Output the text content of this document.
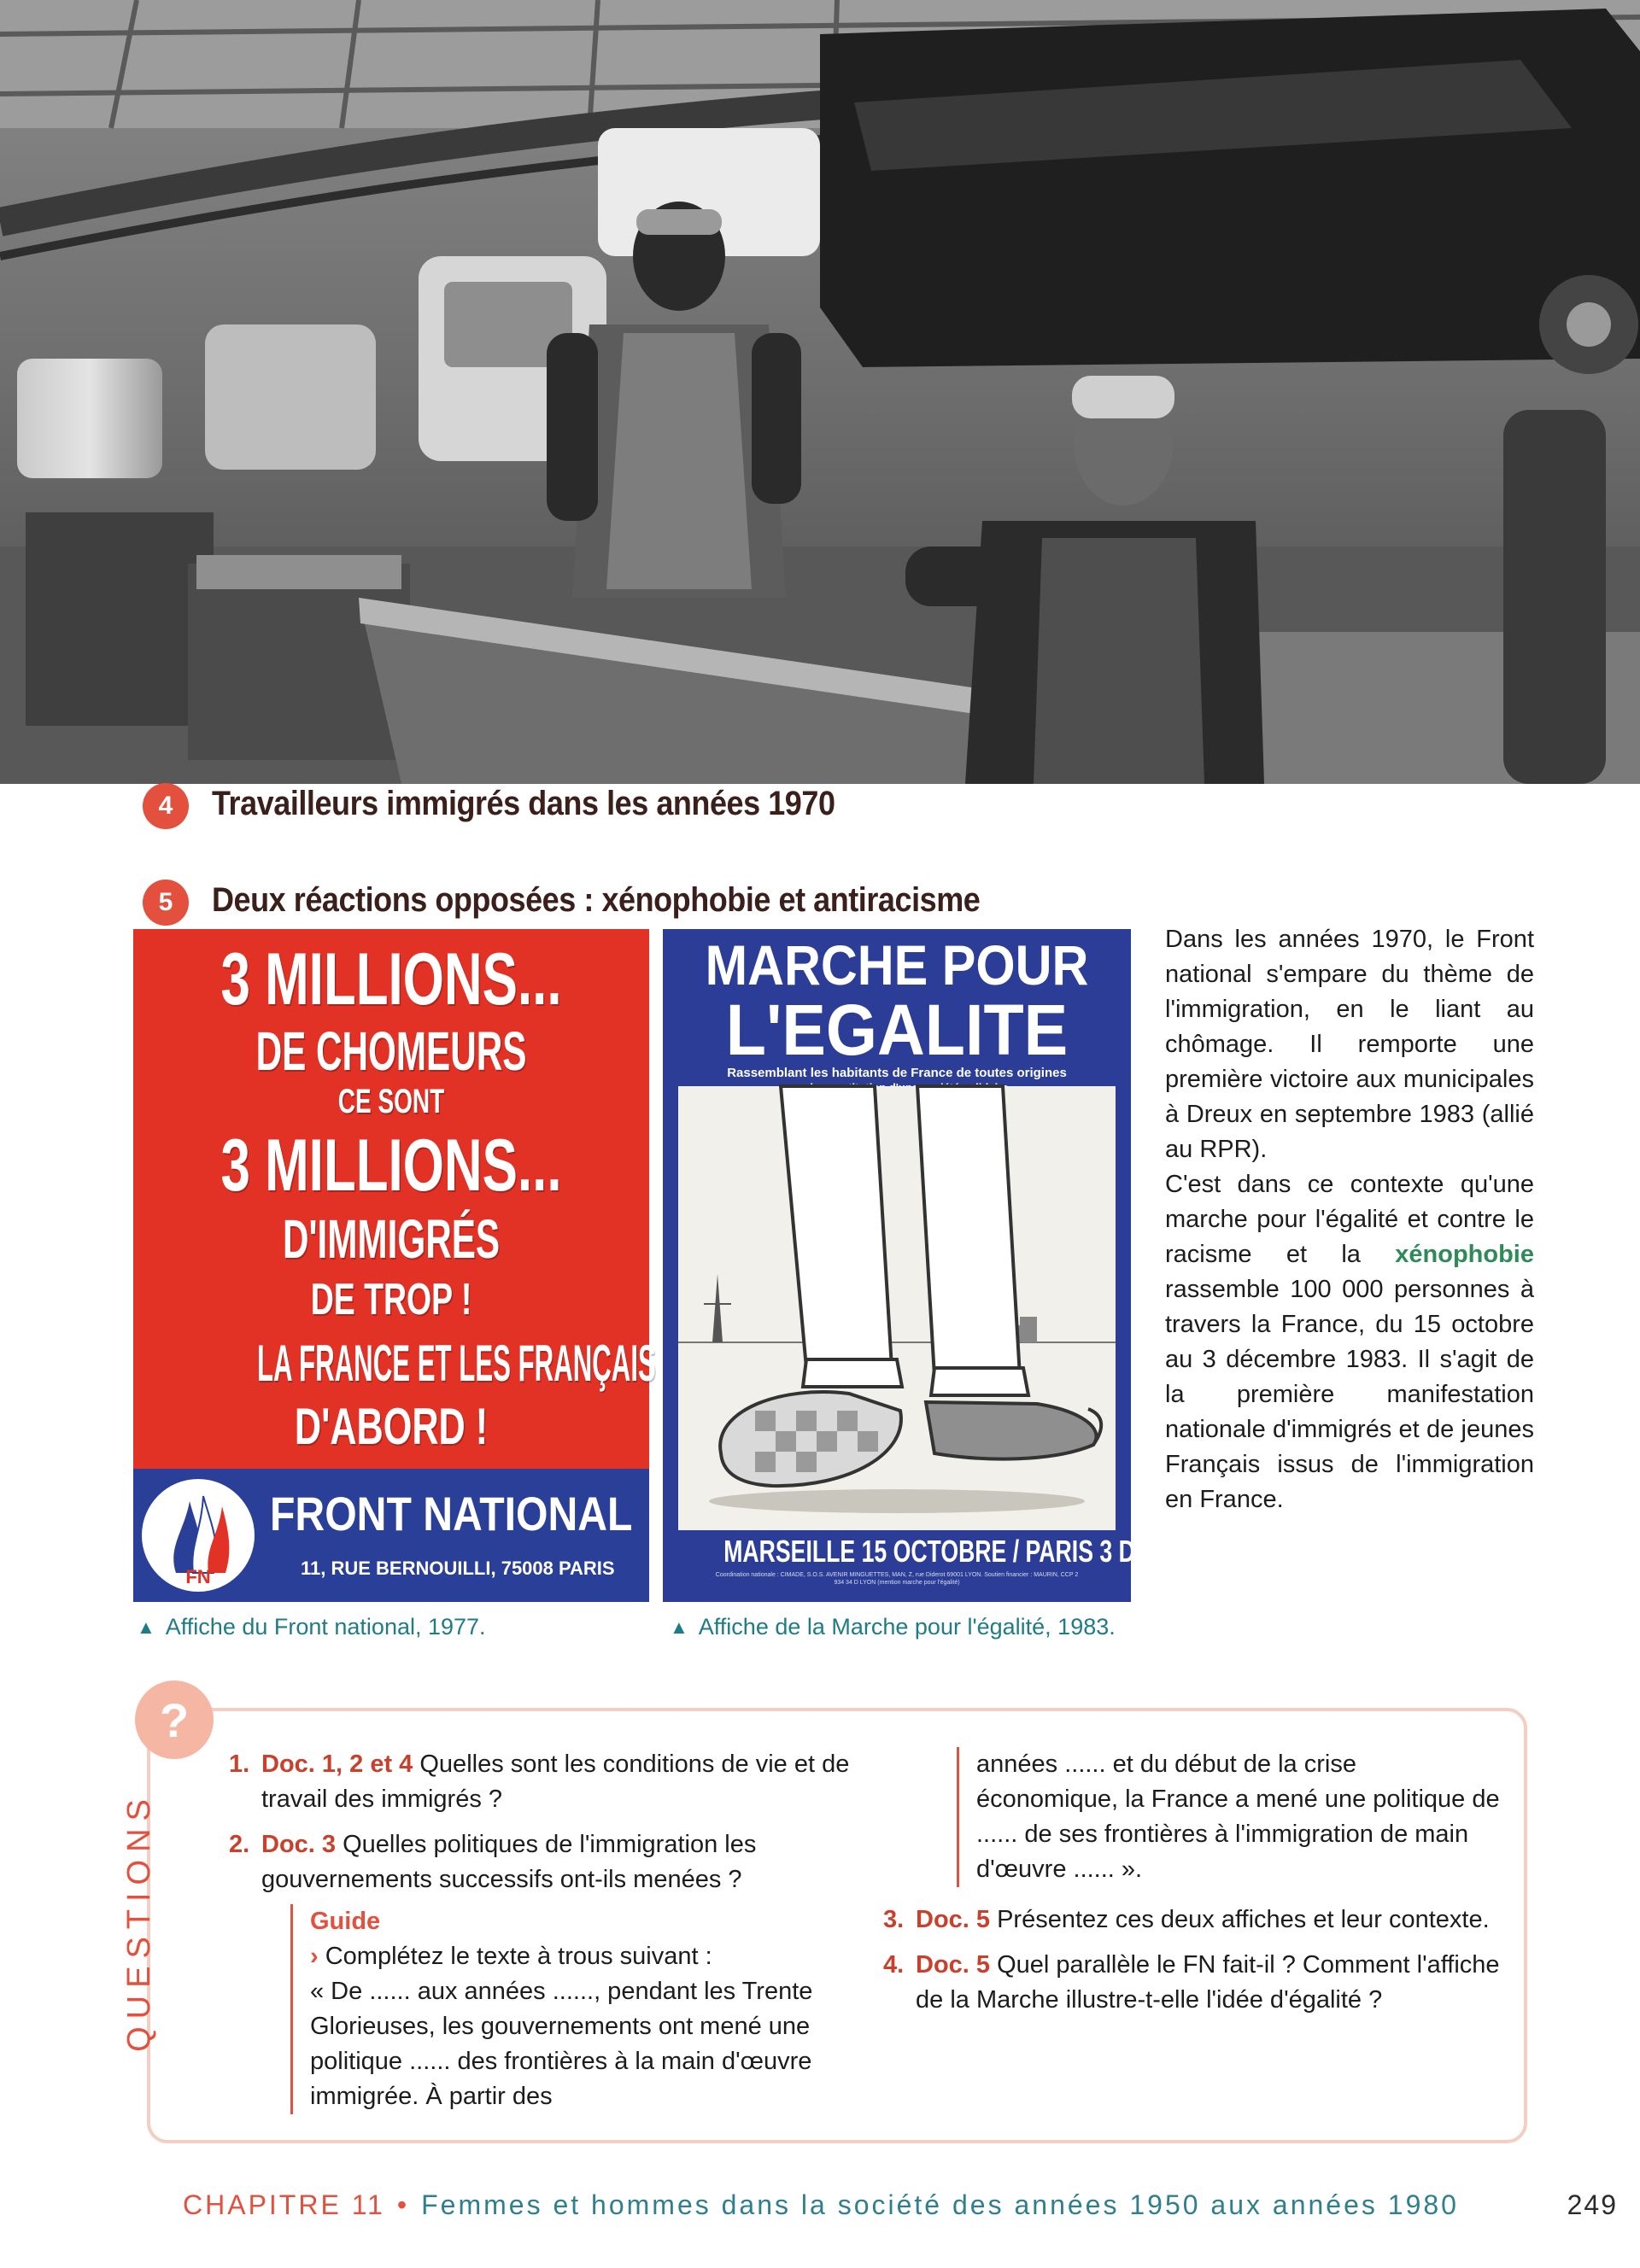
4	Travailleurs immigrés dans les années 1970
5	Deux réactions opposées : xénophobie et antiracisme
3 MILLIONS...
DE CHOMEURS
CE SONT
3 MILLIONS...
D'IMMIGRÉS
DE TROP !
LA FRANCE ET LES FRANÇAIS
D'ABORD !
FN
FRONT NATIONAL
11, RUE BERNOUILLI, 75008 PARIS
MARCHE POUR
L'EGALITE
Rassemblant les habitants de France de toutes origines
MARSEILLE 15 OCTOBRE / PARIS 3 DECEMBRE
Coordination nationale : CIMADE, S.O.S. AVENIR MINGUETTES, MAN, Z, rue Diderot 69001 LYON. Soutien financier : MAURIN, CCP 2 934 34 D LYON (mention marche pour l'égalité)
▲ Affiche du Front national, 1977.	▲ Affiche de la Marche pour l'égalité, 1983.

Dans les années 1970, le Front national s'empare du thème de l'immigration, en le liant au chômage. Il remporte une première victoire aux municipales à Dreux en septembre 1983 (allié au RPR).

C'est dans ce contexte qu'une marche pour l'égalité et contre le racisme et la xénophobie rassemble 100 000 personnes à travers la France, du 15 octobre au 3 décembre 1983. Il s'agit de la première manifestation nationale d'immigrés et de jeunes Français issus de l'immigration en France.

?
QUESTIONS
1. Doc. 1, 2 et 4 Quelles sont les conditions de vie et de travail des immigrés ?
2. Doc. 3 Quelles politiques de l'immigration les gouvernements successifs ont-ils menées ?
Guide
› Complétez le texte à trous suivant :
« De ...... aux années ......, pendant les Trente Glorieuses, les gouvernements ont mené une politique ...... des frontières à la main d'œuvre immigrée. À partir des
années ...... et du début de la crise économique, la France a mené une politique de ...... de ses frontières à l'immigration de main d'œuvre ...... ».
3. Doc. 5 Présentez ces deux affiches et leur contexte.
4. Doc. 5 Quel parallèle le FN fait-il ? Comment l'affiche de la Marche illustre-t-elle l'idée d'égalité ?
CHAPITRE 11 • Femmes et hommes dans la société des années 1950 aux années 1980	249
